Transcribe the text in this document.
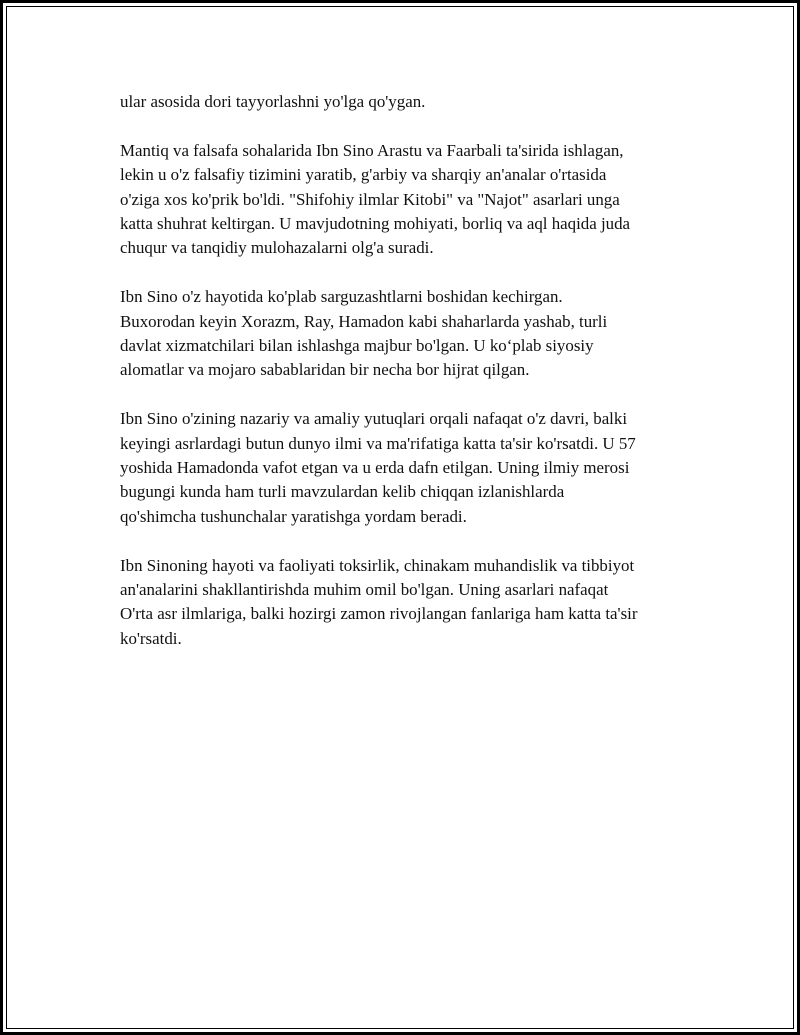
ular asosida dori tayyorlashni yo'lga qo'ygan.

Mantiq va falsafa sohalarida Ibn Sino Arastu va Faarbali ta'sirida ishlagan,
lekin u o'z falsafiy tizimini yaratib, g'arbiy va sharqiy an'analar o'rtasida
o'ziga xos ko'prik bo'ldi. "Shifohiy ilmlar Kitobi" va "Najot" asarlari unga
katta shuhrat keltirgan. U mavjudotning mohiyati, borliq va aql haqida juda
chuqur va tanqidiy mulohazalarni olg'a suradi.

Ibn Sino o'z hayotida ko'plab sarguzashtlarni boshidan kechirgan.
Buxorodan keyin Xorazm, Ray, Hamadon kabi shaharlarda yashab, turli
davlat xizmatchilari bilan ishlashga majbur bo'lgan. U ko‘plab siyosiy
alomatlar va mojaro sabablaridan bir necha bor hijrat qilgan.

Ibn Sino o'zining nazariy va amaliy yutuqlari orqali nafaqat o'z davri, balki
keyingi asrlardagi butun dunyo ilmi va ma'rifatiga katta ta'sir ko'rsatdi. U 57
yoshida Hamadonda vafot etgan va u erda dafn etilgan. Uning ilmiy merosi
bugungi kunda ham turli mavzulardan kelib chiqqan izlanishlarda
qo'shimcha tushunchalar yaratishga yordam beradi.

Ibn Sinoning hayoti va faoliyati toksirlik, chinakam muhandislik va tibbiyot
an'analarini shakllantirishda muhim omil bo'lgan. Uning asarlari nafaqat
O'rta asr ilmlariga, balki hozirgi zamon rivojlangan fanlariga ham katta ta'sir
ko'rsatdi.
